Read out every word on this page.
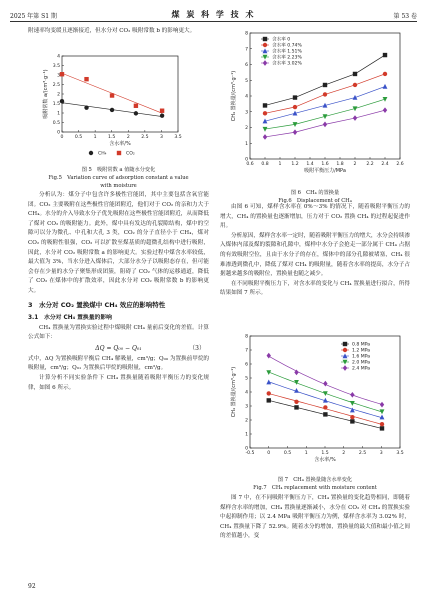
2025 年第 S1 期	煤 炭 科 学 技 术	第 53 卷

附速率均变缓且逐渐接近，但水分对 CO₂ 吸附常数 b 的影响更大。

0 0.5 1 1.5 2 2.5 3 3.5
0
0.5
1
1.5
2
2.5
3
3.5
4
含水率/%
吸附常数 a/(cm³·g⁻¹)
CH₄	CO₂
图 5　吸附常数 a 值随水分变化
Fig.5　Variation curve of adsorption constant a value
with moisture

分析认为：煤分子中包含许多极性官能团，其中主要包括含氧官能团。CO₂ 主要吸附在这些极性官能团附近，他们对于 CO₂ 的亲和力大于 CH₄。水分的介入导致水分子优先吸附在这些极性官能团附近，从而降低了煤对 CO₂ 的吸附能力。此外，煤中具有发达的孔裂隙结构，煤中的空隙可以分为微孔、中孔和大孔 3 类，CO₂ 的分子直径小于 CH₄，煤对 CO₂ 的吸附性很强，CO₂ 可以扩散至煤基质的超微孔结构中进行吸附，因此，水分对 CO₂ 吸附常数 a 的影响更大。实验过程中煤含水率较低，最大值为 3%，当水分进入煤体后，大部分水分子以吸附态存在，但可能会存在少量的水分子聚集形成团簇，阻碍了 CO₂ 气体的运移通道，降低了 CO₂ 在煤体中的扩散效率，因此水分对 CO₂ 吸附常数 b 的影响更大。

3　水分对 CO₂ 置换煤中 CH₄ 效应的影响特性
3.1　水分对 CH₄ 置换量的影响

CH₄ 置换量为置换实验过程中煤吸附 CH₄ 量前后变化的差值。计算公式如下：

ΔQ = Q₀₀ − Q₀₁	（3）

式中，ΔQ 为置换吸附平衡后 CH₄ 解吸量，cm³/g；Q₀₀ 为置换前甲烷的吸附量，cm³/g；Q₀₁ 为置换后甲烷的吸附量，cm³/g。

计算分析不同实验条件下 CH₄ 置换量随着吸附平衡压力的变化规律，如图 6 所示。

0.6 0.8 1 1.2 1.4 1.6 1.8 2 2.2 2.4 2.6
0
1
2
3
4
5
6
7
8
吸附平衡压力/MPa
CH₄ 置换量/(cm³·g⁻¹)
含水率 0
含水率 0.74%
含水率 1.51%
含水率 2.23%
含水率 3.02%
图 6　CH₄ 的置换量
Fig.6　Displacement of CH₄

由图 6 可知，煤样含水率在 0%～3% 的情况下，随着吸附平衡压力的增大，CH₄ 的置换量也逐渐增加，压力对于 CO₂ 置换 CH₄ 的过程起促进作用。

分析原因，煤样含水率一定时，随着吸附平衡压力的增大，水分会持续渗入煤体内部及煤的裂隙和孔隙中，煤样中水分子会抢走一部分属于 CH₄ 占据的有效吸附空位，且由于水分子的存在，煤体中的部分孔隙被堵塞，CH₄ 很难渗透到微孔中，降低了煤对 CH₄ 的吸附量，随着含水率的提高，水分子占据越来越多的吸附位，置换量也随之减少。

在不同吸附平衡压力下，对含水率的变化与 CH₄ 置换量进行拟合，所得结果如图 7 所示。

-0.5	0	0.5	1	1.5	2	2.5	3	3.5
0
1
2
3
4
5
6
7
8
含水率/%
CH₄ 置换量/(cm³·g⁻¹)
0.8 MPa
1.2 MPa
1.6 MPa
2.0 MPa
2.4 MPa
图 7　CH₄ 置换量随含水率变化
Fig.7　CH₄ replacement with moisture content

图 7 中，在不同吸附平衡压力下，CH₄ 置换量的变化趋势相同，即随着煤样含水率的增加，CH₄ 置换量逐渐减小，水分在 CO₂ 对 CH₄ 的置换实验中起抑制作用；以 2.4 MPa 吸附平衡压力为例，煤样含水率为 3.02% 时，CH₄ 置换量下降了 52.9%。随着水分的增加，置换量的最大值和最小值之间的差值越小，变

92
